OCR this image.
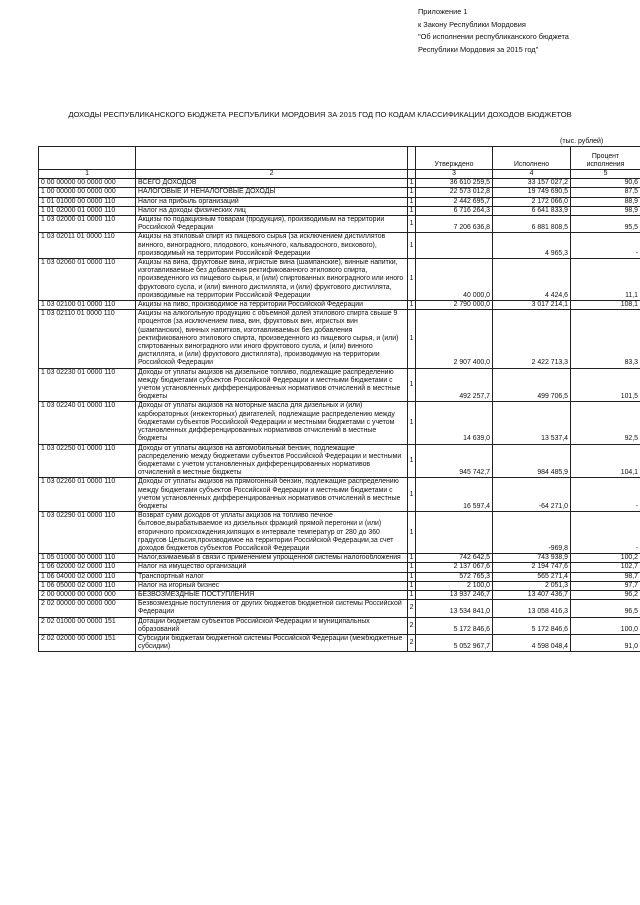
Приложение 1
к Закону Республики Мордовия
"Об исполнении республиканского бюджета
Республики Мордовия за 2015 год"
ДОХОДЫ РЕСПУБЛИКАНСКОГО БЮДЖЕТА РЕСПУБЛИКИ МОРДОВИЯ ЗА 2015 ГОД ПО КОДАМ КЛАССИФИКАЦИИ ДОХОДОВ БЮДЖЕТОВ
(тыс. рублей)
			Утверждено	Исполнено	Процент исполнения
1	2		3	4	5
0 00 00000 00 0000 000	ВСЕГО ДОХОДОВ	1	36 610 259,5	33 157 027,2	90,6
1 00 00000 00 0000 000	НАЛОГОВЫЕ И НЕНАЛОГОВЫЕ ДОХОДЫ	1	22 573 012,8	19 749 690,5	87,5
1 01 01000 00 0000 110	Налог на прибыль организаций	1	2 442 695,7	2 172 066,0	88,9
1 01 02000 01 0000 110	Налог на доходы физических лиц	1	6 716 264,3	6 641 833,9	98,9
1 03 02000 01 0000 110	Акцизы по подакцизным товарам (продукция), производимым на территории Российской Федерации	1	7 206 636,8	6 881 808,5	95,5
1 03 02011 01 0000 110	Акцизы на этиловый спирт из пищевого сырья (за исключением дистиллятов винного, виноградного, плодового, коньячного, кальвадосного, вискового), производимый на территории Российской Федерации	1		4 965,3	-
1 03 02060 01 0000 110	Акцизы на вина, фруктовые вина, игристые вина (шампанские), винные напитки, изготавливаемые без добавления ректификованного этилового спирта, произведенного из пищевого сырья, и (или) спиртованных виноградного или иного фруктового сусла, и (или) винного дистиллята, и (или) фруктового дистиллята, производимые на территории Российской Федерации	1	40 000,0	4 424,6	11,1
1 03 02100 01 0000 110	Акцизы на пиво, производимое на территории Российской Федерации	1	2 790 000,0	3 017 214,1	108,1
1 03 02110 01 0000 110	Акцизы на алкогольную продукцию с объемной долей этилового спирта свыше 9 процентов (за исключением пива, вин, фруктовых вин, игристых вин (шампанских), винных напитков, изготавливаемых без добавления ректификованного этилового спирта, произведенного из пищевого сырья, и (или) спиртованных виноградного или иного фруктового сусла, и (или) винного дистиллята, и (или) фруктового дистиллята), производимую на территории Российской Федерации	1	2 907 400,0	2 422 713,3	83,3
1 03 02230 01 0000 110	Доходы от уплаты акцизов на дизельное топливо, подлежащие распределению между бюджетами субъектов Российской Федерации и местными бюджетами с учетом установленных дифференцированных нормативов отчислений в местные бюджеты	1	492 257,7	499 706,5	101,5
1 03 02240 01 0000 110	Доходы от уплаты акцизов на моторные масла для дизельных и (или) карбюраторных (инжекторных) двигателей, подлежащие распределению между бюджетами субъектов Российской Федерации и местными бюджетами с учетом установленных дифференцированных нормативов отчислений в местные бюджеты	1	14 639,0	13 537,4	92,5
1 03 02250 01 0000 110	Доходы от уплаты акцизов на автомобильный бензин, подлежащие распределению между бюджетами субъектов Российской Федерации и местными бюджетами с учетом установленных дифференцированных нормативов отчислений в местные бюджеты	1	945 742,7	984 485,9	104,1
1 03 02260 01 0000 110	Доходы от уплаты акцизов на прямогонный бензин, подлежащие распределению между бюджетами субъектов Российской Федерации и местными бюджетами с учетом установленных дифференцированных нормативов отчислений в местные бюджеты	1	16 597,4	-64 271,0	-
1 03 02290 01 0000 110	Возврат сумм доходов от уплаты акцизов на топливо печное бытовое,вырабатываемое из дизельных фракций прямой перегонки и (или) вторичного происхождения,кипящих в интервале температур от 280 до 360 градусов Цельсия,производимое на территории Российской Федерации,за счет доходов бюджетов субъектов Российской Федерации	1		-969,8	-
1 05 01000 00 0000 110	Налог,взимаемый в связи с применением упрощенной системы налогообложения	1	742 642,5	743 938,9	100,2
1 06 02000 02 0000 110	Налог на имущество организаций	1	2 137 067,6	2 194 747,6	102,7
1 06 04000 02 0000 110	Транспортный налог	1	572 765,3	565 271,4	98,7
1 06 05000 02 0000 110	Налог на игорный бизнес	1	2 100,0	2 051,3	97,7
2 00 00000 00 0000 000	БЕЗВОЗМЕЗДНЫЕ ПОСТУПЛЕНИЯ	1	13 937 246,7	13 407 436,7	96,2
2 02 00000 00 0000 000	Безвозмездные поступления от других бюджетов бюджетной системы Российской Федерации	2	13 534 841,0	13 058 416,3	96,5
2 02 01000 00 0000 151	Дотации бюджетам субъектов Российской Федерации и муниципальных образований	2	5 172 846,6	5 172 846,6	100,0
2 02 02000 00 0000 151	Субсидии бюджетам бюджетной системы Российской Федерации (межбюджетные субсидии)	2	5 052 967,7	4 598 048,4	91,0
